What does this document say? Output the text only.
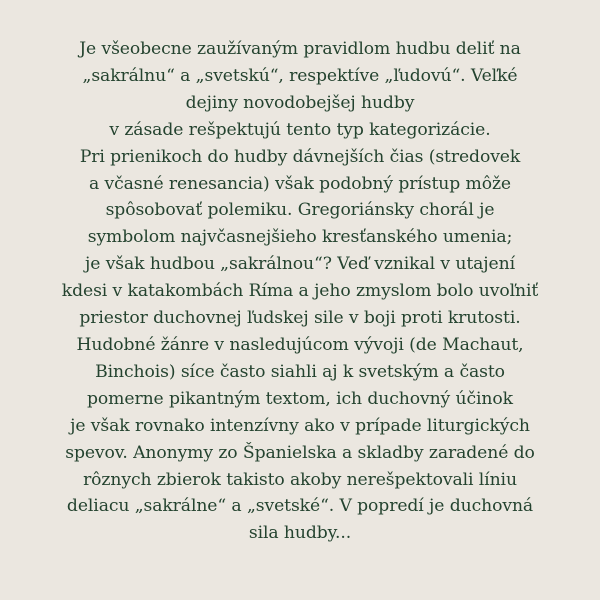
Je všeobecne zaužívaným pravidlom hudbu deliť na
„sakrálnu“ a „svetskú“, respektíve „ľudovú“. Veľké
dejiny novodobejšej hudby
v zásade rešpektujú tento typ kategorizácie.
Pri prienikoch do hudby dávnejších čias (stredovek
a včasné renesancia) však podobný prístup môže
spôsobovať polemiku. Gregoriánsky chorál je
symbolom najvčasnejšieho kresťanského umenia;
je však hudbou „sakrálnou“? Veď vznikal v utajení
kdesi v katakombách Ríma a jeho zmyslom bolo uvoľniť
priestor duchovnej ľudskej sile v boji proti krutosti.
Hudobné žánre v nasledujúcom vývoji (de Machaut,
Binchois) síce často siahli aj k svetským a často
pomerne pikantným textom, ich duchovný účinok
je však rovnako intenzívny ako v prípade liturgických
spevov. Anonymy zo Španielska a skladby zaradené do
rôznych zbierok takisto akoby nerešpektovali líniu
deliacu „sakrálne“ a „svetské“. V popredí je duchovná
sila hudby...
